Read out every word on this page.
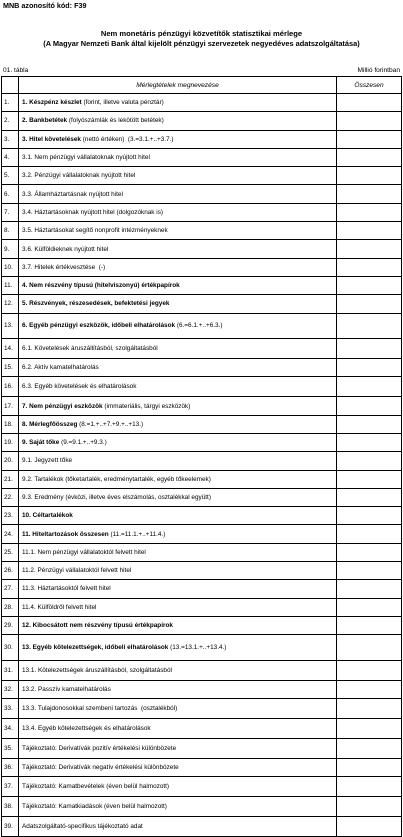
MNB azonosító kód: F39
Nem monetáris pénzügyi közvetítők statisztikai mérlege
(A Magyar Nemzeti Bank által kijelölt pénzügyi szervezetek negyedéves adatszolgáltatása)
01. tábla	Millió forintban
	Mérlegtételek megnevezése	Összesen
1.	1. Készpénz készlet (forint, illetve valuta pénztár)	
2.	2. Bankbetétek (folyószámlák és lekötött betétek)	
3.	3. Hitel követelések (nettó értéken)  (3.=3.1.+..+3.7.)	
4.	3.1. Nem pénzügyi vállalatoknak nyújtott hitel	
5.	3.2. Pénzügyi vállalatoknak nyújtott hitel	
6.	3.3. Államháztartásnak nyújtott hitel	
7.	3.4. Háztartásoknak nyújtott hitel (dolgozóknak is)	
8.	3.5. Háztartásokat segítő nonprofit intézményeknek	
9.	3.6. Külföldieknek nyújtott hitel	
10.	3.7. Hitelek értékvesztése  (-)	
11.	4. Nem részvény típusú (hitelviszonyú) értékpapírok	
12.	5. Részvények, részesedések, befektetési jegyek	
13.	6. Egyéb pénzügyi eszközök, időbeli elhatárolások (6.=6.1.+..+6.3.)	
14.	6.1. Követelések áruszállításból, szolgáltatásból	
15.	6.2. Aktív kamatelhatárolás	
16.	6.3. Egyéb követelések és elhatárolások	
17.	7. Nem pénzügyi eszközök (immateriális, tárgyi eszközök)	
18.	8. Mérlegfőösszeg (8.=1.+..+7.+9.+..+13.)	
19.	9. Saját tőke (9.=9.1.+..+9.3.)	
20.	9.1. Jegyzett tőke	
21.	9.2. Tartalékok (tőketartalék, eredménytartalék, egyéb tőkeelemek)	
22.	9.3. Eredmény (évközi, illetve éves elszámolás, osztalékkal együtt)	
23.	10. Céltartalékok	
24.	11. Hiteltartozások összesen (11.=11.1.+..+11.4.)	
25.	11.1. Nem pénzügyi vállalatoktól felvett hitel	
26.	11.2. Pénzügyi vállalatoktól felvett hitel	
27.	11.3. Háztartásoktól felvett hitel	
28.	11.4. Külföldről felvett hitel	
29.	12. Kibocsátott nem részvény típusú értékpapírok	
30.	13. Egyéb kötelezettségek, időbeli elhatárolások (13.=13.1.+..+13.4.)	
31.	13.1. Kötelezettségek áruszállításból, szolgáltatásból	
32.	13.2. Passzív kamatelhatárolás	
33.	13.3. Tulajdonosokkal szembeni tartozás  (osztalékból)	
34.	13.4. Egyéb kötelezettségek és elhatárolások	
35.	Tájékoztató: Derivatívák pozitív értékelési különbözete	
36.	Tájékoztató: Derivatívák negatív értékelési különbözete	
37.	Tájékoztató: Kamatbevételek (éven belül halmozott)	
38.	Tájékoztató: Kamatkiadások (éven belül halmozott)	
39.	Adatszolgáltató-specifikus tájékoztató adat	
